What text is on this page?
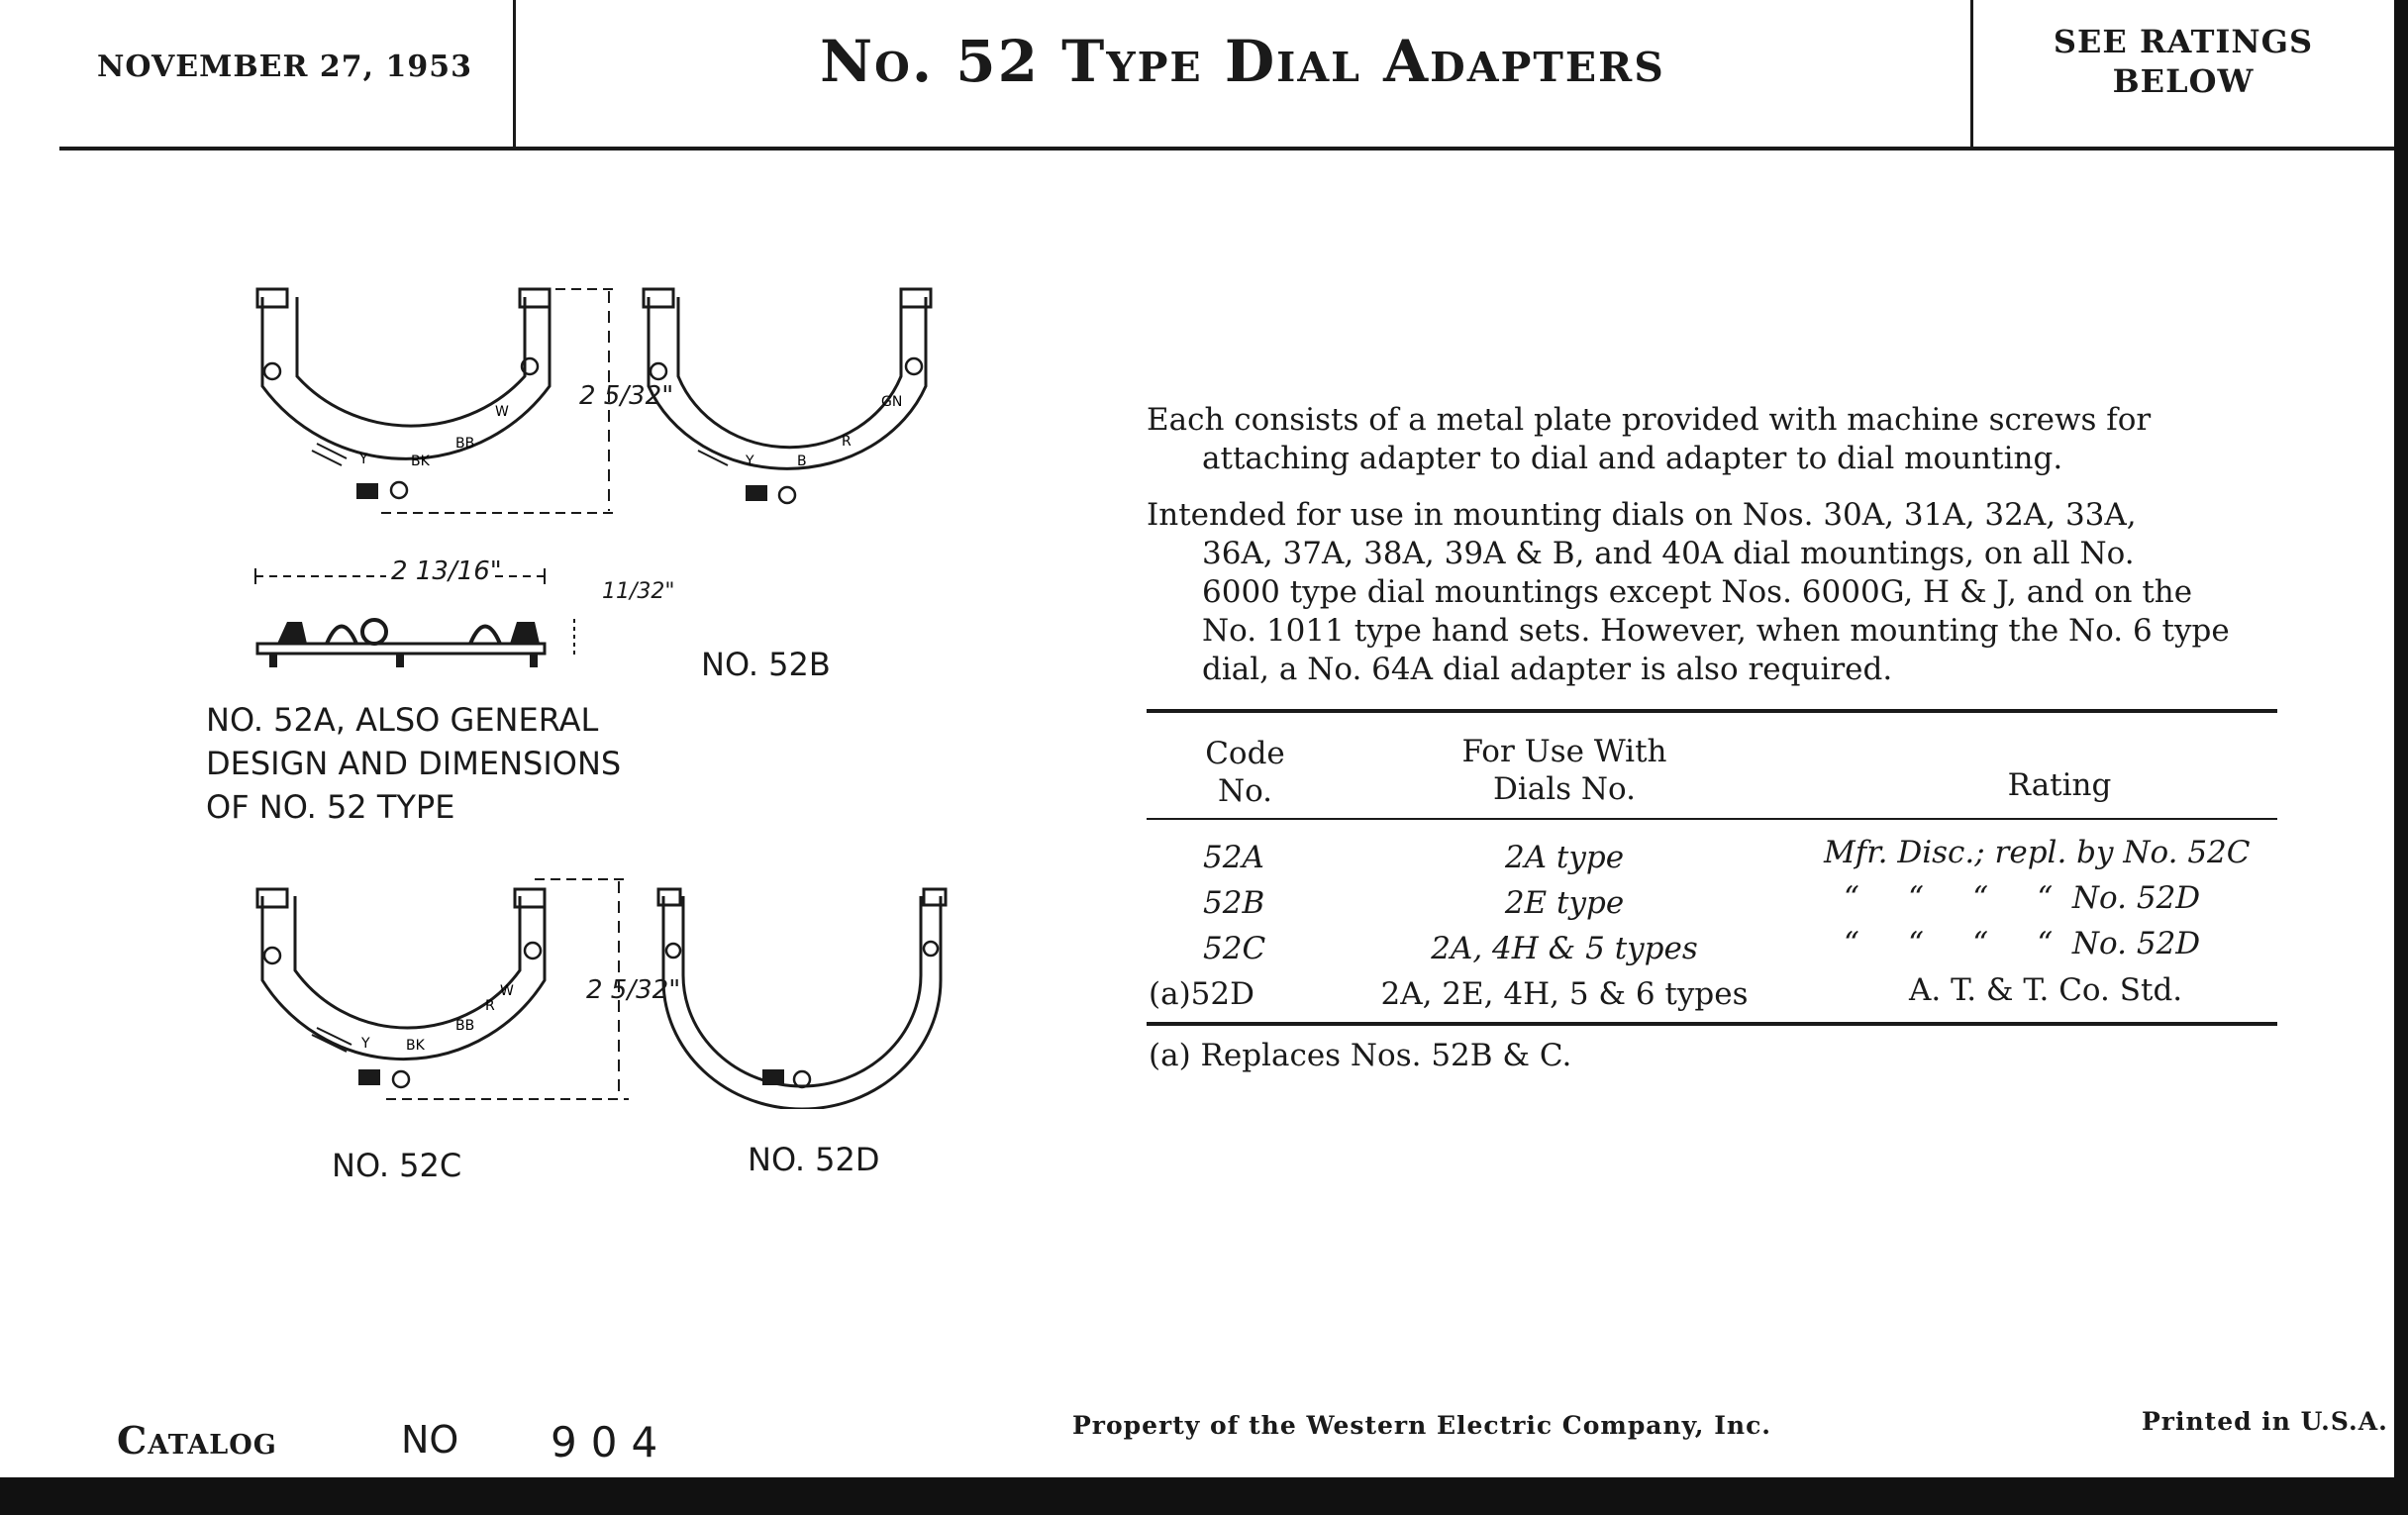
NOVEMBER 27, 1953	No. 52 Type Dial Adapters	SEE RATINGS
BELOW
Y	BK
BB
W
2 5/32"
Y	B
R
GN
2 13/16"
11/32"
NO. 52B
NO. 52A, ALSO GENERAL
DESIGN AND DIMENSIONS
OF NO. 52 TYPE
Y	BK
BB
R
W	2 5/32"
NO. 52C	NO. 52D
Each consists of a metal plate provided with machine screws for
attaching adapter to dial and adapter to dial mounting.
Intended for use in mounting dials on Nos. 30A, 31A, 32A, 33A,
36A, 37A, 38A, 39A & B, and 40A dial mountings, on all No.
6000 type dial mountings except Nos. 6000G, H & J, and on the
No. 1011 type hand sets. However, when mounting the No. 6 type
dial, a No. 64A dial adapter is also required.
Code
No.
For Use With
Dials No.	Rating
52A	2A type	Mfr. Disc.; repl. by No. 52C
52B	2E type	“     “     “     “  No. 52D
52C	2A, 4H & 5 types	“     “     “     “  No. 52D
(a)52D	2A, 2E, 4H, 5 & 6 types	A. T. & T. Co. Std.
(a) Replaces Nos. 52B & C.
Catalog	NO 904	Property of the Western Electric Company, Inc.	Printed in U.S.A.
